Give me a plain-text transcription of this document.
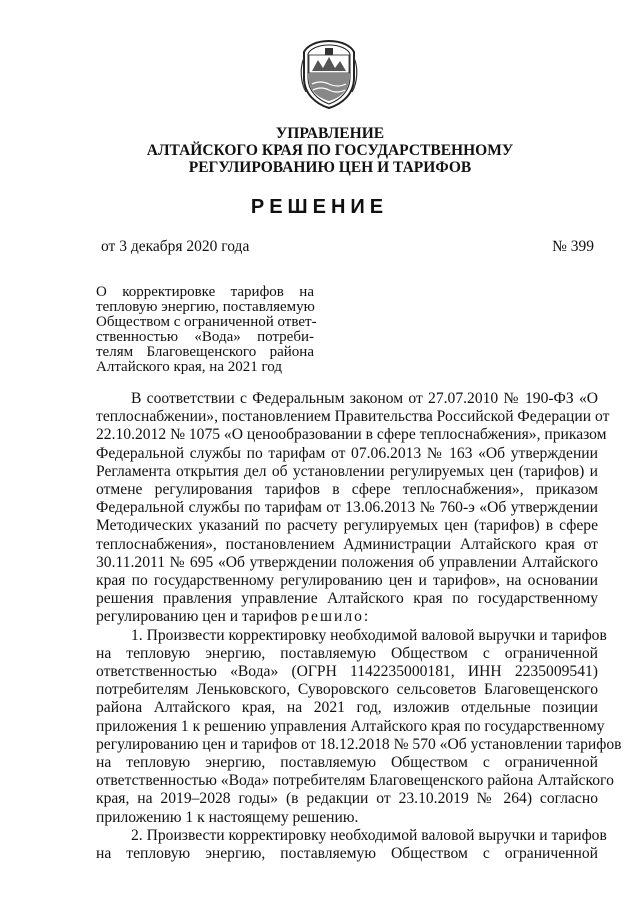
УПРАВЛЕНИЕ
АЛТАЙСКОГО КРАЯ ПО ГОСУДАРСТВЕННОМУ
РЕГУЛИРОВАНИЮ ЦЕН И ТАРИФОВ
РЕШЕНИЕ
от 3 декабря 2020 года	№ 399
О корректировке тарифов на
тепловую энергию, поставляемую
Обществом с ограниченной ответ-
ственностью «Вода» потреби-
телям Благовещенского района
Алтайского края, на 2021 год
В соответствии с Федеральным законом от 27.07.2010 № 190-ФЗ «О
теплоснабжении», постановлением Правительства Российской Федерации от
22.10.2012 № 1075 «О ценообразовании в сфере теплоснабжения», приказом
Федеральной службы по тарифам от 07.06.2013 № 163 «Об утверждении
Регламента открытия дел об установлении регулируемых цен (тарифов) и
отмене регулирования тарифов в сфере теплоснабжения», приказом
Федеральной службы по тарифам от 13.06.2013 № 760-э «Об утверждении
Методических указаний по расчету регулируемых цен (тарифов) в сфере
теплоснабжения», постановлением Администрации Алтайского края от
30.11.2011 № 695 «Об утверждении положения об управлении Алтайского
края по государственному регулированию цен и тарифов», на основании
решения правления управление Алтайского края по государственному
регулированию цен и тарифов решило:
1. Произвести корректировку необходимой валовой выручки и тарифов
на тепловую энергию, поставляемую Обществом с ограниченной
ответственностью «Вода» (ОГРН 1142235000181, ИНН 2235009541)
потребителям Леньковского, Суворовского сельсоветов Благовещенского
района Алтайского края, на 2021 год, изложив отдельные позиции
приложения 1 к решению управления Алтайского края по государственному
регулированию цен и тарифов от 18.12.2018 № 570 «Об установлении тарифов
на тепловую энергию, поставляемую Обществом с ограниченной
ответственностью «Вода» потребителям Благовещенского района Алтайского
края, на 2019–2028 годы» (в редакции от 23.10.2019 № 264) согласно
приложению 1 к настоящему решению.
2. Произвести корректировку необходимой валовой выручки и тарифов
на тепловую энергию, поставляемую Обществом с ограниченной
